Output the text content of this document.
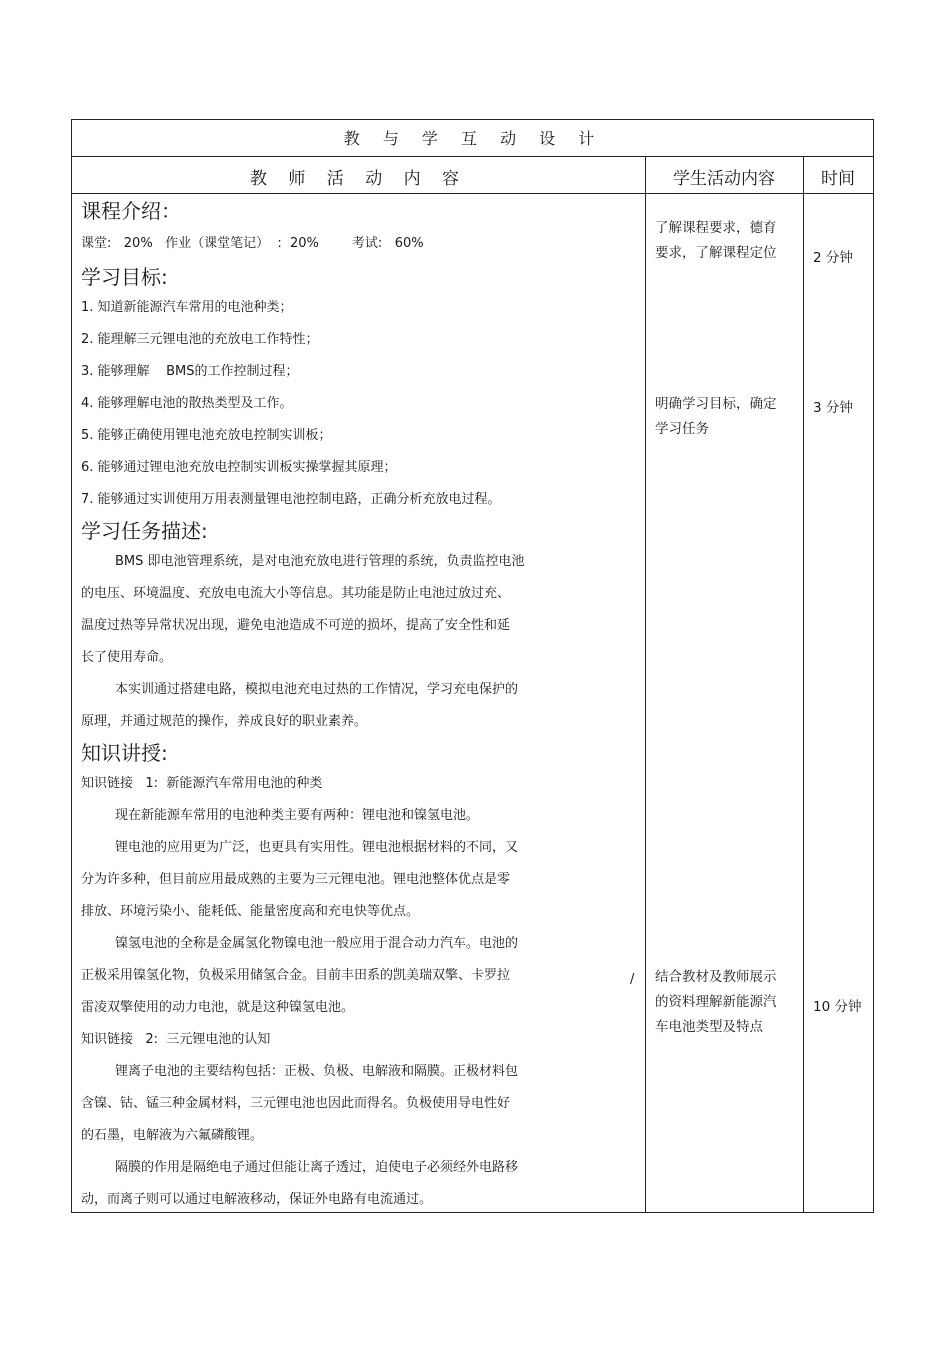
教 与 学 互 动 设 计
教 师 活 动 内 容	学生活动内容	时间
课程介绍：
课堂:   20%   作业（课堂笔记）  :  20%        考试:   60%
学习目标:
1. 知道新能源汽车常用的电池种类；
2. 能理解三元锂电池的充放电工作特性；
3. 能够理解    BMS的工作控制过程；
4. 能够理解电池的散热类型及工作。
5. 能够正确使用锂电池充放电控制实训板；
6. 能够通过锂电池充放电控制实训板实操掌握其原理；
7. 能够通过实训使用万用表测量锂电池控制电路，正确分析充放电过程。
学习任务描述:
BMS 即电池管理系统，是对电池充放电进行管理的系统，负责监控电池
的电压、环境温度、充放电电流大小等信息。其功能是防止电池过放过充、
温度过热等异常状况出现，避免电池造成不可逆的损坏，提高了安全性和延
长了使用寿命。
本实训通过搭建电路，模拟电池充电过热的工作情况，学习充电保护的
原理，并通过规范的操作，养成良好的职业素养。
知识讲授:
知识链接   1:  新能源汽车常用电池的种类
现在新能源车常用的电池种类主要有两种：锂电池和镍氢电池。
锂电池的应用更为广泛，也更具有实用性。锂电池根据材料的不同，又
分为许多种，但目前应用最成熟的主要为三元锂电池。锂电池整体优点是零
排放、环境污染小、能耗低、能量密度高和充电快等优点。
镍氢电池的全称是金属氢化物镍电池一般应用于混合动力汽车。电池的
正极采用镍氢化物，负极采用储氢合金。目前丰田系的凯美瑞双擎、卡罗拉
雷凌双擎使用的动力电池，就是这种镍氢电池。
知识链接   2:  三元锂电池的认知
锂离子电池的主要结构包括：正极、负极、电解液和隔膜。正极材料包
含镍、钴、锰三种金属材料，三元锂电池也因此而得名。负极使用导电性好
的石墨，电解液为六氟磷酸锂。
隔膜的作用是隔绝电子通过但能让离子透过，迫使电子必须经外电路移
动，而离子则可以通过电解液移动，保证外电路有电流通过。
/
了解课程要求，德育要求，了解课程定位
明确学习目标，确定学习任务
结合教材及教师展示的资料理解新能源汽车电池类型及特点
2 分钟
3 分钟
10 分钟
